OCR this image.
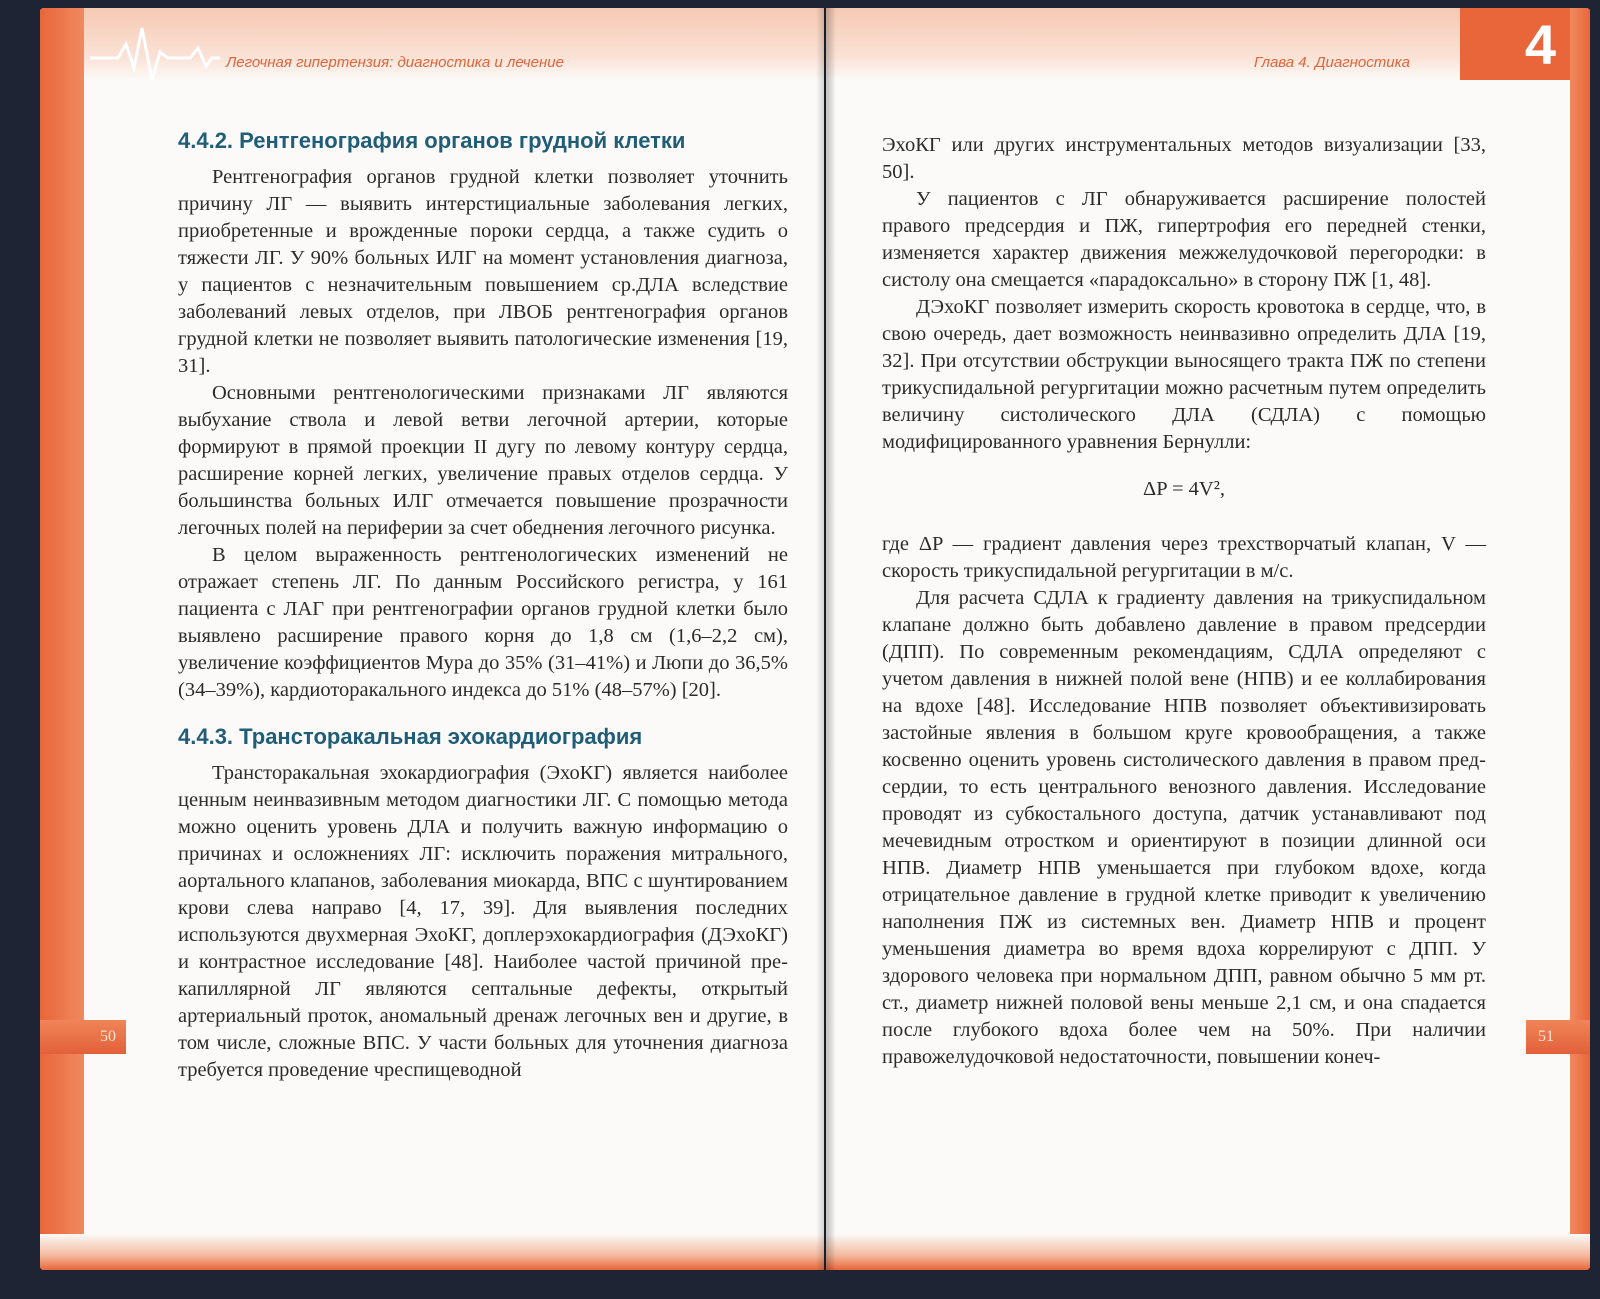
Легочная гипертензия: диагностика и лечение
4.4.2. Рентгенография органов грудной клетки

Рентгенография органов грудной клетки позволяет уточнить причину ЛГ — выявить интерстициальные заболевания легких, приобретенные и врожденные пороки сердца, а также судить о тяжести ЛГ. У 90% больных ИЛГ на момент установления диагноза, у пациентов с незначительным повышением ср.ДЛА вследствие заболеваний левых отделов, при ЛВОБ рентгенография органов грудной клетки не позволяет выявить патологические изменения [19, 31].

Основными рентгенологическими признаками ЛГ являются выбухание ствола и левой ветви легочной артерии, которые формируют в прямой проекции II дугу по левому контуру сердца, расширение корней легких, увеличение правых отделов сердца. У большинства больных ИЛГ отмечается повышение прозрачности легочных полей на периферии за счет обеднения легочного рисунка.

В целом выраженность рентгенологических изменений не отражает степень ЛГ. По данным Российского регистра, у 161 пациента с ЛАГ при рентгенографии органов грудной клетки было выявлено расширение правого корня до 1,8 см (1,6–2,2 см), увеличение коэффициентов Мура до 35% (31–41%) и Люпи до 36,5% (34–39%), кардиоторакального индекса до 51% (48–57%) [20].

4.4.3. Трансторакальная эхокардиография

Трансторакальная эхокардиография (ЭхоКГ) является наиболее ценным неинвазивным методом диагностики ЛГ. С помощью метода можно оценить уровень ДЛА и получить важную информацию о причинах и осложнениях ЛГ: исключить поражения митрального, аортального клапанов, заболевания миокарда, ВПС с шунтированием крови слева направо [4, 17, 39]. Для выявления последних используются двухмерная ЭхоКГ, доплерэхокардиография (ДЭхоКГ) и контрастное исследование [48]. Наиболее частой причиной прекапиллярной ЛГ являются септальные дефекты, открытый артериальный проток, аномальный дренаж легочных вен и другие, в том числе, сложные ВПС. У части больных для уточнения диагноза требуется проведение чреспищеводной

50
4
Глава 4. Диагностика

ЭхоКГ или других инструментальных методов визуализации [33, 50].

У пациентов с ЛГ обнаруживается расширение полостей правого предсердия и ПЖ, гипертрофия его передней стенки, изменяется характер движения межжелудочковой перегородки: в систолу она смещается «парадоксально» в сторону ПЖ [1, 48].

ДЭхоКГ позволяет измерить скорость кровотока в сердце, что, в свою очередь, дает возможность неинвазивно определить ДЛА [19, 32]. При отсутствии обструкции выносящего тракта ПЖ по степени трикуспидальной регургитации можно расчетным путем определить величину систолического ДЛА (СДЛА) с помощью модифицированного уравнения Бернулли:

ΔP = 4V²,

где ΔP — градиент давления через трехстворчатый клапан, V — скорость трикуспидальной регургитации в м/с.

Для расчета СДЛА к градиенту давления на трикуспидальном клапане должно быть добавлено давление в правом предсердии (ДПП). По современным рекомендациям, СДЛА определяют с учетом давления в нижней полой вене (НПВ) и ее коллабирования на вдохе [48]. Исследование НПВ позволяет объективизировать застойные явления в большом круге кровообращения, а также косвенно оценить уровень систолического давления в правом предсердии, то есть центрального венозного давления. Исследование проводят из субкостального доступа, датчик устанавливают под мечевидным отростком и ориентируют в позиции длинной оси НПВ. Диаметр НПВ уменьшается при глубоком вдохе, когда отрицательное давление в грудной клетке приводит к увеличению наполнения ПЖ из системных вен. Диаметр НПВ и процент уменьшения диаметра во время вдоха коррелируют с ДПП. У здорового человека при нормальном ДПП, равном обычно 5 мм рт. ст., диаметр нижней половой вены меньше 2,1 см, и она спадается после глубокого вдоха более чем на 50%. При наличии правожелудочковой недостаточности, повышении конеч-

51
